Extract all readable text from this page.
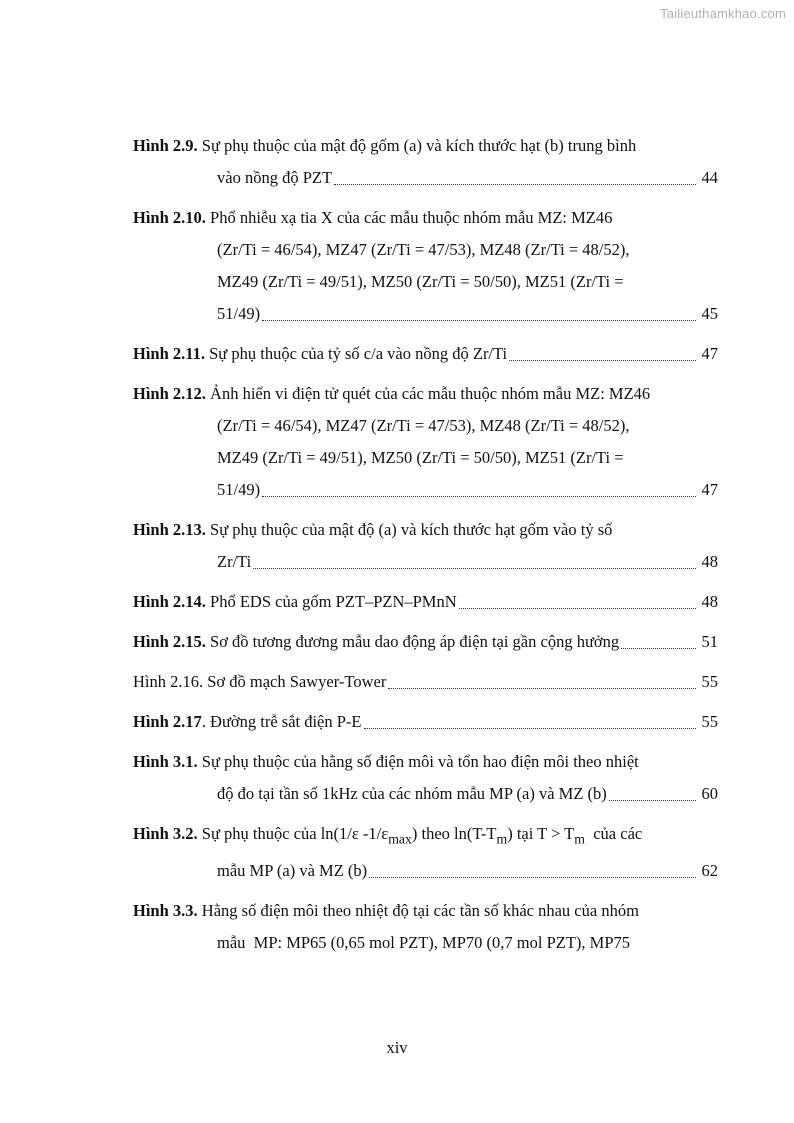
Tailieuthamkhao.com
Hình 2.9. Sự phụ thuộc của mật độ gốm (a) và kích thước hạt (b) trung bình
vào nồng độ PZT	44
Hình 2.10. Phổ nhiễu xạ tia X của các mẫu thuộc nhóm mẫu MZ: MZ46
(Zr/Ti = 46/54), MZ47 (Zr/Ti = 47/53), MZ48 (Zr/Ti = 48/52),
MZ49 (Zr/Ti = 49/51), MZ50 (Zr/Ti = 50/50), MZ51 (Zr/Ti =
51/49)	45
Hình 2.11. Sự phụ thuộc của tỷ số c/a vào nồng độ Zr/Ti	47
Hình 2.12. Ảnh hiển vi điện tử quét của các mẫu thuộc nhóm mẫu MZ: MZ46
(Zr/Ti = 46/54), MZ47 (Zr/Ti = 47/53), MZ48 (Zr/Ti = 48/52),
MZ49 (Zr/Ti = 49/51), MZ50 (Zr/Ti = 50/50), MZ51 (Zr/Ti =
51/49)	47
Hình 2.13. Sự phụ thuộc của mật độ (a) và kích thước hạt gốm vào tỷ số
Zr/Ti	48
Hình 2.14. Phổ EDS của gốm PZT–PZN–PMnN	48
Hình 2.15. Sơ đồ tương đương mẫu dao động áp điện tại gần cộng hưởng	51
Hình 2.16. Sơ đồ mạch Sawyer-Tower	55
Hình 2.17 . Đường trễ sắt điện P-E	55
Hình 3.1. Sự phụ thuộc của hằng số điện môi và tổn hao điện môi theo nhiệt
độ đo tại tần số 1kHz của các nhóm mẫu MP (a) và MZ (b)	60
Hình 3.2. Sự phụ thuộc của ln(1/ε $-1/\varepsilon_{max}$) theo $\ln(T-T_m)$ tại $T > T_m$  của các
mẫu MP (a) và MZ (b)	62
Hình 3.3. Hằng số điện môi theo nhiệt độ tại các tần số khác nhau của nhóm
mẫu  MP: MP65 (0,65 mol PZT), MP70 (0,7 mol PZT), MP75
xiv
